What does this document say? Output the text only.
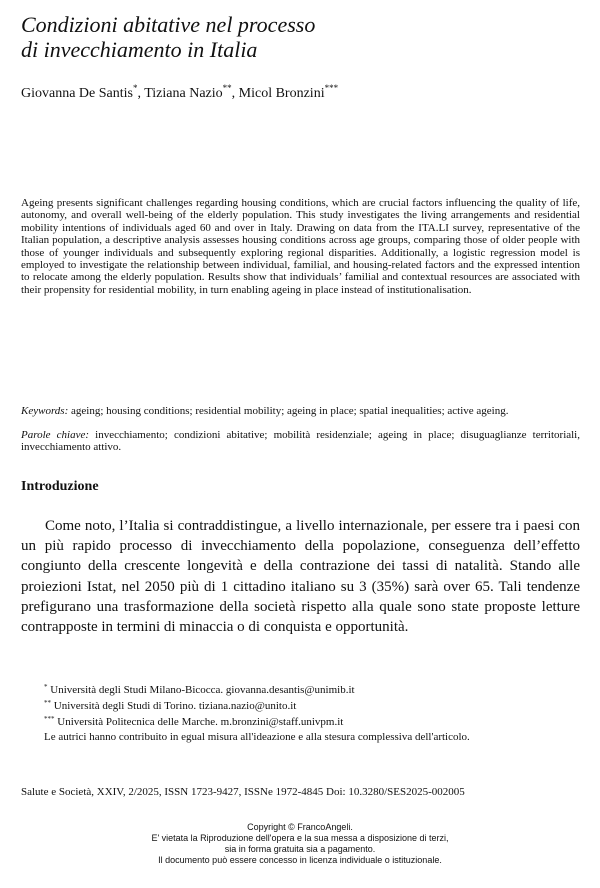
Condizioni abitative nel processo
di invecchiamento in Italia
Giovanna De Santis*, Tiziana Nazio**, Micol Bronzini***

Ageing presents significant challenges regarding housing conditions, which are crucial factors influencing the quality of life, autonomy, and overall well-being of the elderly population. This study investigates the living arrangements and residential mobility intentions of individuals aged 60 and over in Italy. Drawing on data from the ITA.LI survey, representative of the Italian population, a descriptive analysis assesses housing conditions across age groups, comparing those of older people with those of younger individuals and subsequently exploring regional disparities. Additionally, a logistic regression model is employed to investigate the relationship between individual, familial, and housing-related factors and the expressed intention to relocate among the elderly population. Results show that individuals’ familial and contextual resources are associated with their propensity for residential mobility, in turn enabling ageing in place instead of institutionalisation.

Keywords: ageing; housing conditions; residential mobility; ageing in place; spatial inequalities; active ageing.

Parole chiave: invecchiamento; condizioni abitative; mobilità residenziale; ageing in place; disuguaglianze territoriali, invecchiamento attivo.

Introduzione

Come noto, l’Italia si contraddistingue, a livello internazionale, per essere tra i paesi con un più rapido processo di invecchiamento della popolazione, conseguenza dell’effetto congiunto della crescente longevità e della contrazione dei tassi di natalità. Stando alle proiezioni Istat, nel 2050 più di 1 cittadino italiano su 3 (35%) sarà over 65. Tali tendenze prefigurano una trasformazione della società rispetto alla quale sono state proposte letture contrapposte in termini di minaccia o di conquista e opportunità.

* Università degli Studi Milano-Bicocca. giovanna.desantis@unimib.it
** Università degli Studi di Torino. tiziana.nazio@unito.it
*** Università Politecnica delle Marche. m.bronzini@staff.univpm.it

Le autrici hanno contribuito in egual misura all'ideazione e alla stesura complessiva dell'articolo.

Salute e Società, XXIV, 2/2025, ISSN 1723-9427, ISSNe 1972-4845 Doi: 10.3280/SES2025-002005
Copyright © FrancoAngeli.
E' vietata la Riproduzione dell'opera e la sua messa a disposizione di terzi,
sia in forma gratuita sia a pagamento.
Il documento può essere concesso in licenza individuale o istituzionale.
